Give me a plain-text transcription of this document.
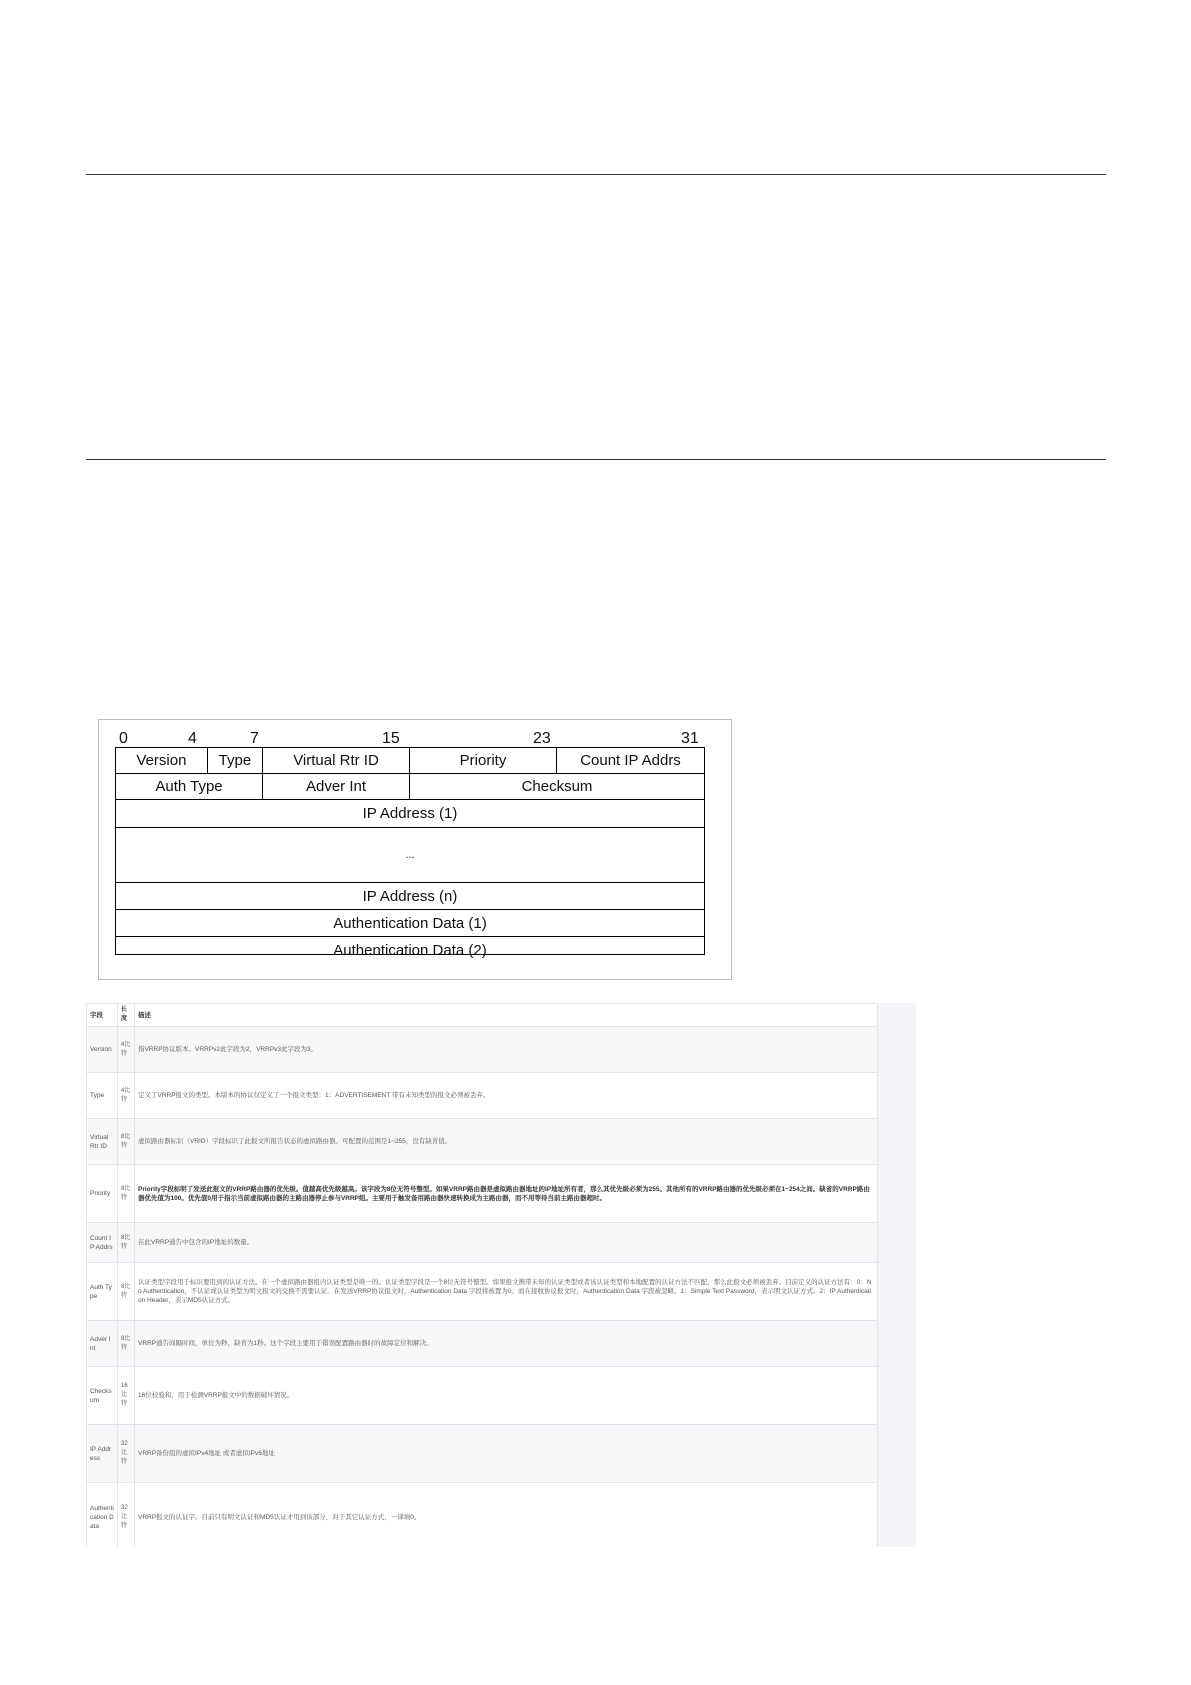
0	4	7	15	23	31
Version	Type	Virtual Rtr ID	Priority	Count IP Addrs
Auth Type	Adver Int	Checksum
IP Address (1)
...
IP Address (n)
Authentication Data (1)
Authentication Data (2)
字段	长度	描述
Version	4比特	指VRRP协议版本。VRRPv2此字段为2，VRRPv3此字段为3。
Type	4比特	定义了VRRP报文的类型。本版本的协议仅定义了一个报文类型：1：ADVERTISEMENT 带有未知类型的报文必须被丢弃。
Virtual Rtr ID	8比特	虚拟路由器标识（VRID）字段标识了此报文所报告状态的虚拟路由器。可配置的范围是1~255，没有缺省值。
Priority	8比特	Priority字段标明了发送此报文的VRRP路由器的优先级。值越高优先级越高。该字段为8位无符号整型。如果VRRP路由器是虚拟路由器地址的IP地址所有者，那么其优先级必须为255。其他所有的VRRP路由器的优先级必须在1~254之间。缺省的VRRP路由器优先值为100。优先值0用于指示当前虚拟路由器的主路由器停止参与VRRP组。主要用于触发备用路由器快速转换成为主路由器，而不用等待当前主路由器超时。
Count IP Addrs	8比特	在此VRRP通告中包含的IP地址的数量。
Auth Type	8比特	认证类型字段用于标识要用到的认证方法。在一个虚拟路由器组内认证类型是唯一的。认证类型字段是一个8位无符号整型。如果报文携带未知的认证类型或者该认证类型和本地配置的认证方法不匹配，那么此报文必须被丢弃。目前定义的认证方法有：0：No Authentication，不认证或认证类型为明文报文的交换不需要认证。在发送VRRP协议报文时，Authentication Data 字段将被置为0；而在接收协议报文时，Authentication Data 字段被忽略。1：Simple Text Password，表示明文认证方式。2：IP Authentication Header，表示MD5认证方式。
Adver Int	8比特	VRRP通告间隔时间，单位为秒，缺省为1秒。这个字段主要用于错误配置路由器时的故障定位和解决。
Checksum	16比特	16位校验和，用于检测VRRP报文中的数据破坏情况。
IP Address	32比特	VRRP备份组的虚拟IPv4地址 或者虚拟IPv6地址
Authentication Data	32比特	VRRP报文的认证字。目前只有明文认证和MD5认证才用到该部分，对于其它认证方式，一律填0。
